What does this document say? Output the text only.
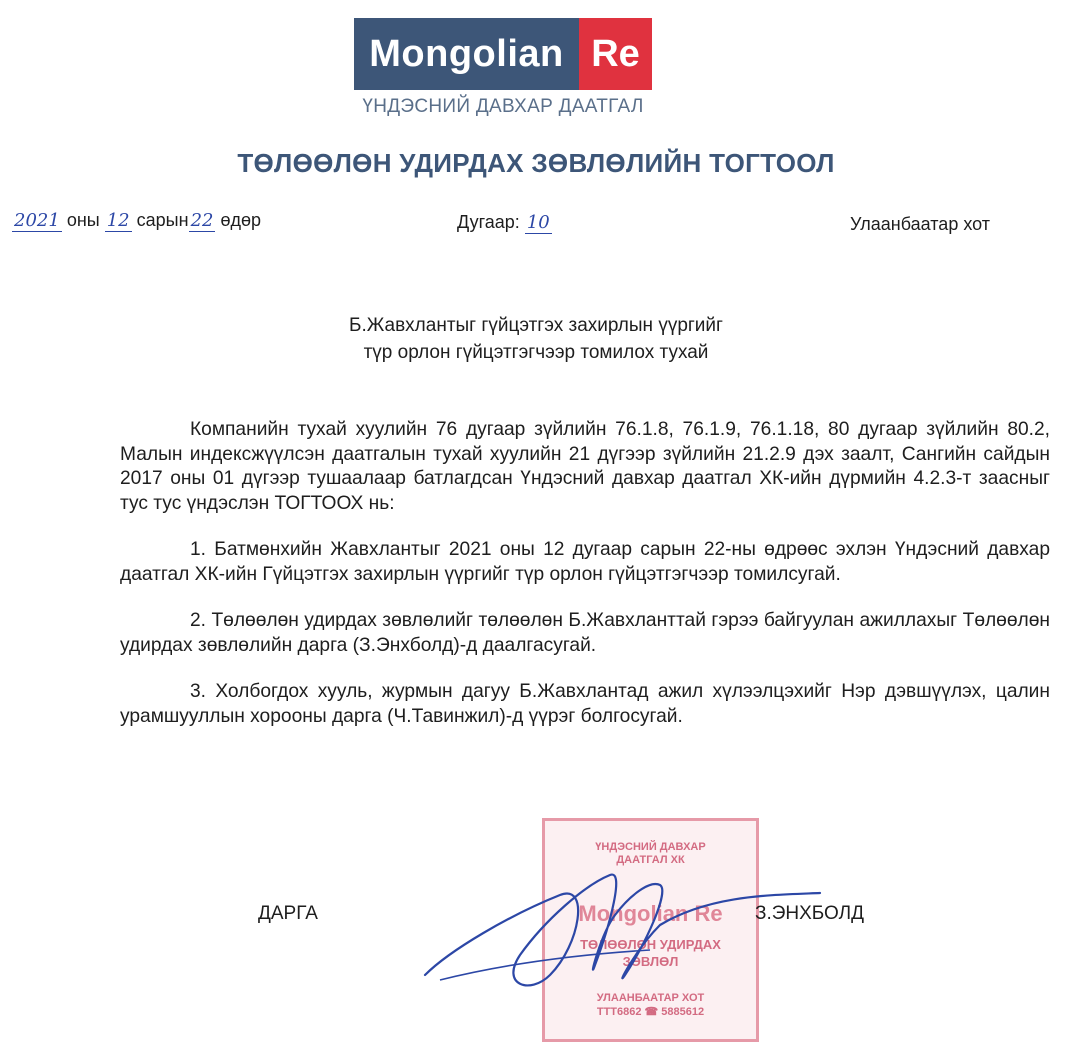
Mongolian Re
ҮНДЭСНИЙ ДАВХАР ДААТГАЛ
ТӨЛӨӨЛӨН УДИРДАХ ЗӨВЛӨЛИЙН ТОГТООЛ
2021 оны 12 сарын 22 өдөр	Дугаар: 10	Улаанбаатар хот
Б.Жавхлантыг гүйцэтгэх захирлын үүргийг
түр орлон гүйцэтгэгчээр томилох тухай

Компанийн тухай хуулийн 76 дугаар зүйлийн 76.1.8, 76.1.9, 76.1.18, 80 дугаар зүйлийн 80.2, Малын индексжүүлсэн даатгалын тухай хуулийн 21 дүгээр зүйлийн 21.2.9 дэх заалт, Сангийн сайдын 2017 оны 01 дүгээр тушаалаар батлагдсан Үндэсний давхар даатгал ХК-ийн дүрмийн 4.2.3-т заасныг тус тус үндэслэн ТОГТООХ нь:

1. Батмөнхийн Жавхлантыг 2021 оны 12 дугаар сарын 22-ны өдрөөс эхлэн Үндэсний давхар даатгал ХК-ийн Гүйцэтгэх захирлын үүргийг түр орлон гүйцэтгэгчээр томилсугай.

2. Төлөөлөн удирдах зөвлөлийг төлөөлөн Б.Жавхланттай гэрээ байгуулан ажиллахыг Төлөөлөн удирдах зөвлөлийн дарга (З.Энхболд)-д даалгасугай.

3. Холбогдох хууль, журмын дагуу Б.Жавхлантад ажил хүлээлцэхийг Нэр дэвшүүлэх, цалин урамшууллын хорооны дарга (Ч.Тавинжил)-д үүрэг болгосугай.

ҮНДЭСНИЙ ДАВХАР
ДААТГАЛ ХК
Mongolian Re
ТӨЛӨӨЛӨН УДИРДАХ
ЗӨВЛӨЛ
УЛААНБААТАР ХОТ
ТТТ6862 ☎ 5885612
ДАРГА	З.ЭНХБОЛД
